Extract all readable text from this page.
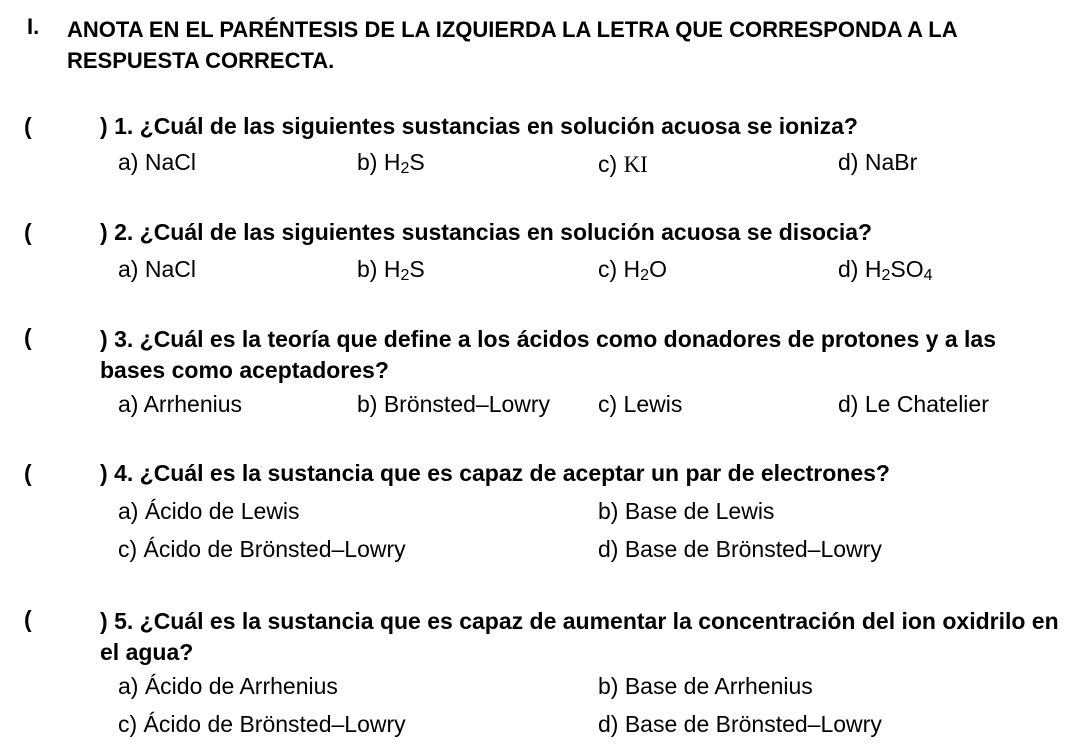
I. ANOTA EN EL PARÉNTESIS DE LA IZQUIERDA LA LETRA QUE CORRESPONDA A LA RESPUESTA CORRECTA.
(	) 1. ¿Cuál de las siguientes sustancias en solución acuosa se ioniza?
a) NaCl	b) H2S	c) KI	d) NaBr
(	) 2. ¿Cuál de las siguientes sustancias en solución acuosa se disocia?
a) NaCl	b) H2S	c) H2O	d) H2SO4
(	) 3. ¿Cuál es la teoría que define a los ácidos como donadores de protones y a las bases como aceptadores?
a) Arrhenius	b) Brönsted–Lowry c) Lewis	d) Le Chatelier
(	) 4. ¿Cuál es la sustancia que es capaz de aceptar un par de electrones?
a) Ácido de Lewis	b) Base de Lewis
c) Ácido de Brönsted–Lowry	d) Base de Brönsted–Lowry
(	) 5. ¿Cuál es la sustancia que es capaz de aumentar la concentración del ion oxidrilo en el agua?
a) Ácido de Arrhenius	b) Base de Arrhenius
c) Ácido de Brönsted–Lowry	d) Base de Brönsted–Lowry
